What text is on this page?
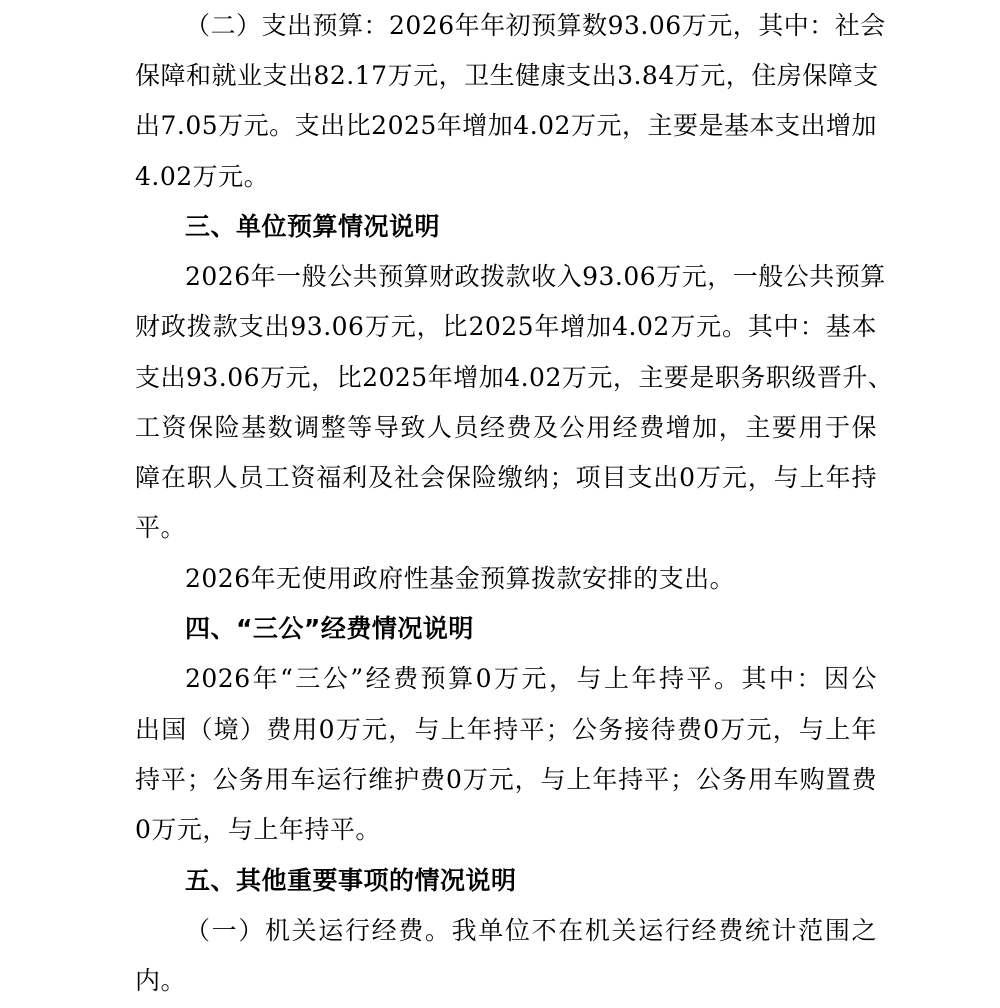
（二）支出预算：2026年年初预算数93.06万元，其中：社会
保障和就业支出82.17万元，卫生健康支出3.84万元，住房保障支
出7.05万元。支出比2025年增加4.02万元，主要是基本支出增加
4.02万元。
三、单位预算情况说明
2026年一般公共预算财政拨款收入93.06万元，一般公共预算
财政拨款支出93.06万元，比2025年增加4.02万元。其中：基本
支出93.06万元，比2025年增加4.02万元，主要是职务职级晋升、
工资保险基数调整等导致人员经费及公用经费增加，主要用于保
障在职人员工资福利及社会保险缴纳；项目支出0万元，与上年持
平。
2026年无使用政府性基金预算拨款安排的支出。
四、“三公”经费情况说明
2026年“三公”经费预算0万元，与上年持平。其中：因公
出国（境）费用0万元，与上年持平；公务接待费0万元，与上年
持平；公务用车运行维护费0万元，与上年持平；公务用车购置费
0万元，与上年持平。
五、其他重要事项的情况说明
（一）机关运行经费。我单位不在机关运行经费统计范围之
内。
